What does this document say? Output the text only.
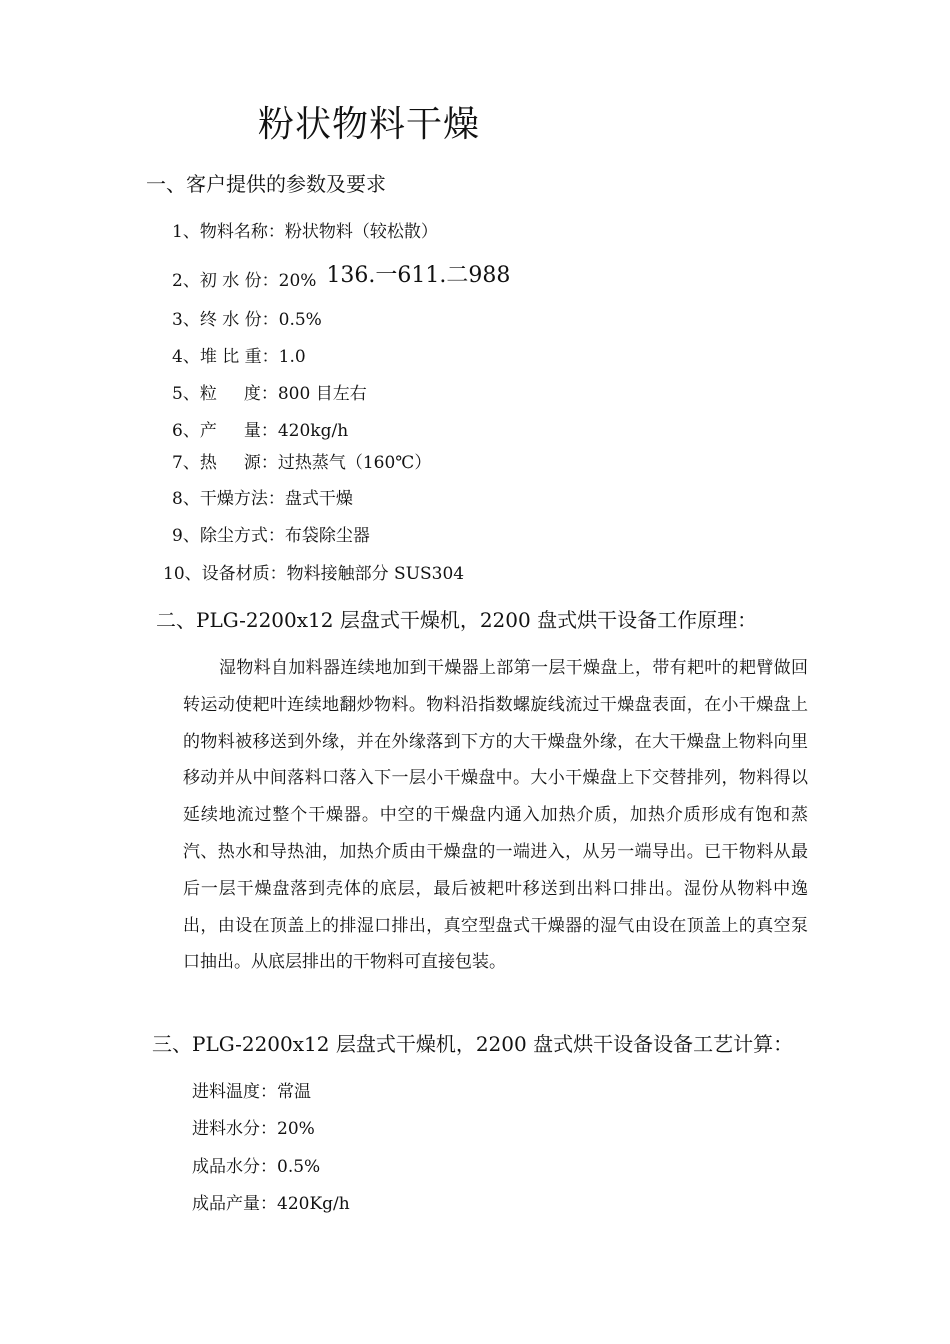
粉状物料干燥
一、客户提供的参数及要求
1、物料名称：粉状物料（较松散）
2、初 水 份：20% 136.一611.二988
3、终 水 份：0.5%
4、堆 比 重：1.0
5、粒     度：800 目左右
6、产     量：420kg/h
7、热     源：过热蒸气（160℃）
8、干燥方法：盘式干燥
9、除尘方式：布袋除尘器
10、设备材质：物料接触部分 SUS304
二、PLG-2200x12 层盘式干燥机，2200 盘式烘干设备工作原理：
湿物料自加料器连续地加到干燥器上部第一层干燥盘上，带有耙叶的耙臂做回转运动使耙叶连续地翻炒物料。物料沿指数螺旋线流过干燥盘表面，在小干燥盘上的物料被移送到外缘，并在外缘落到下方的大干燥盘外缘，在大干燥盘上物料向里移动并从中间落料口落入下一层小干燥盘中。大小干燥盘上下交替排列，物料得以延续地流过整个干燥器。中空的干燥盘内通入加热介质，加热介质形成有饱和蒸汽、热水和导热油，加热介质由干燥盘的一端进入，从另一端导出。已干物料从最后一层干燥盘落到壳体的底层，最后被耙叶移送到出料口排出。湿份从物料中逸出，由设在顶盖上的排湿口排出，真空型盘式干燥器的湿气由设在顶盖上的真空泵口抽出。从底层排出的干物料可直接包装。
三、PLG-2200x12 层盘式干燥机，2200 盘式烘干设备设备工艺计算：
进料温度：常温
进料水分：20%
成品水分：0.5%
成品产量：420Kg/h
